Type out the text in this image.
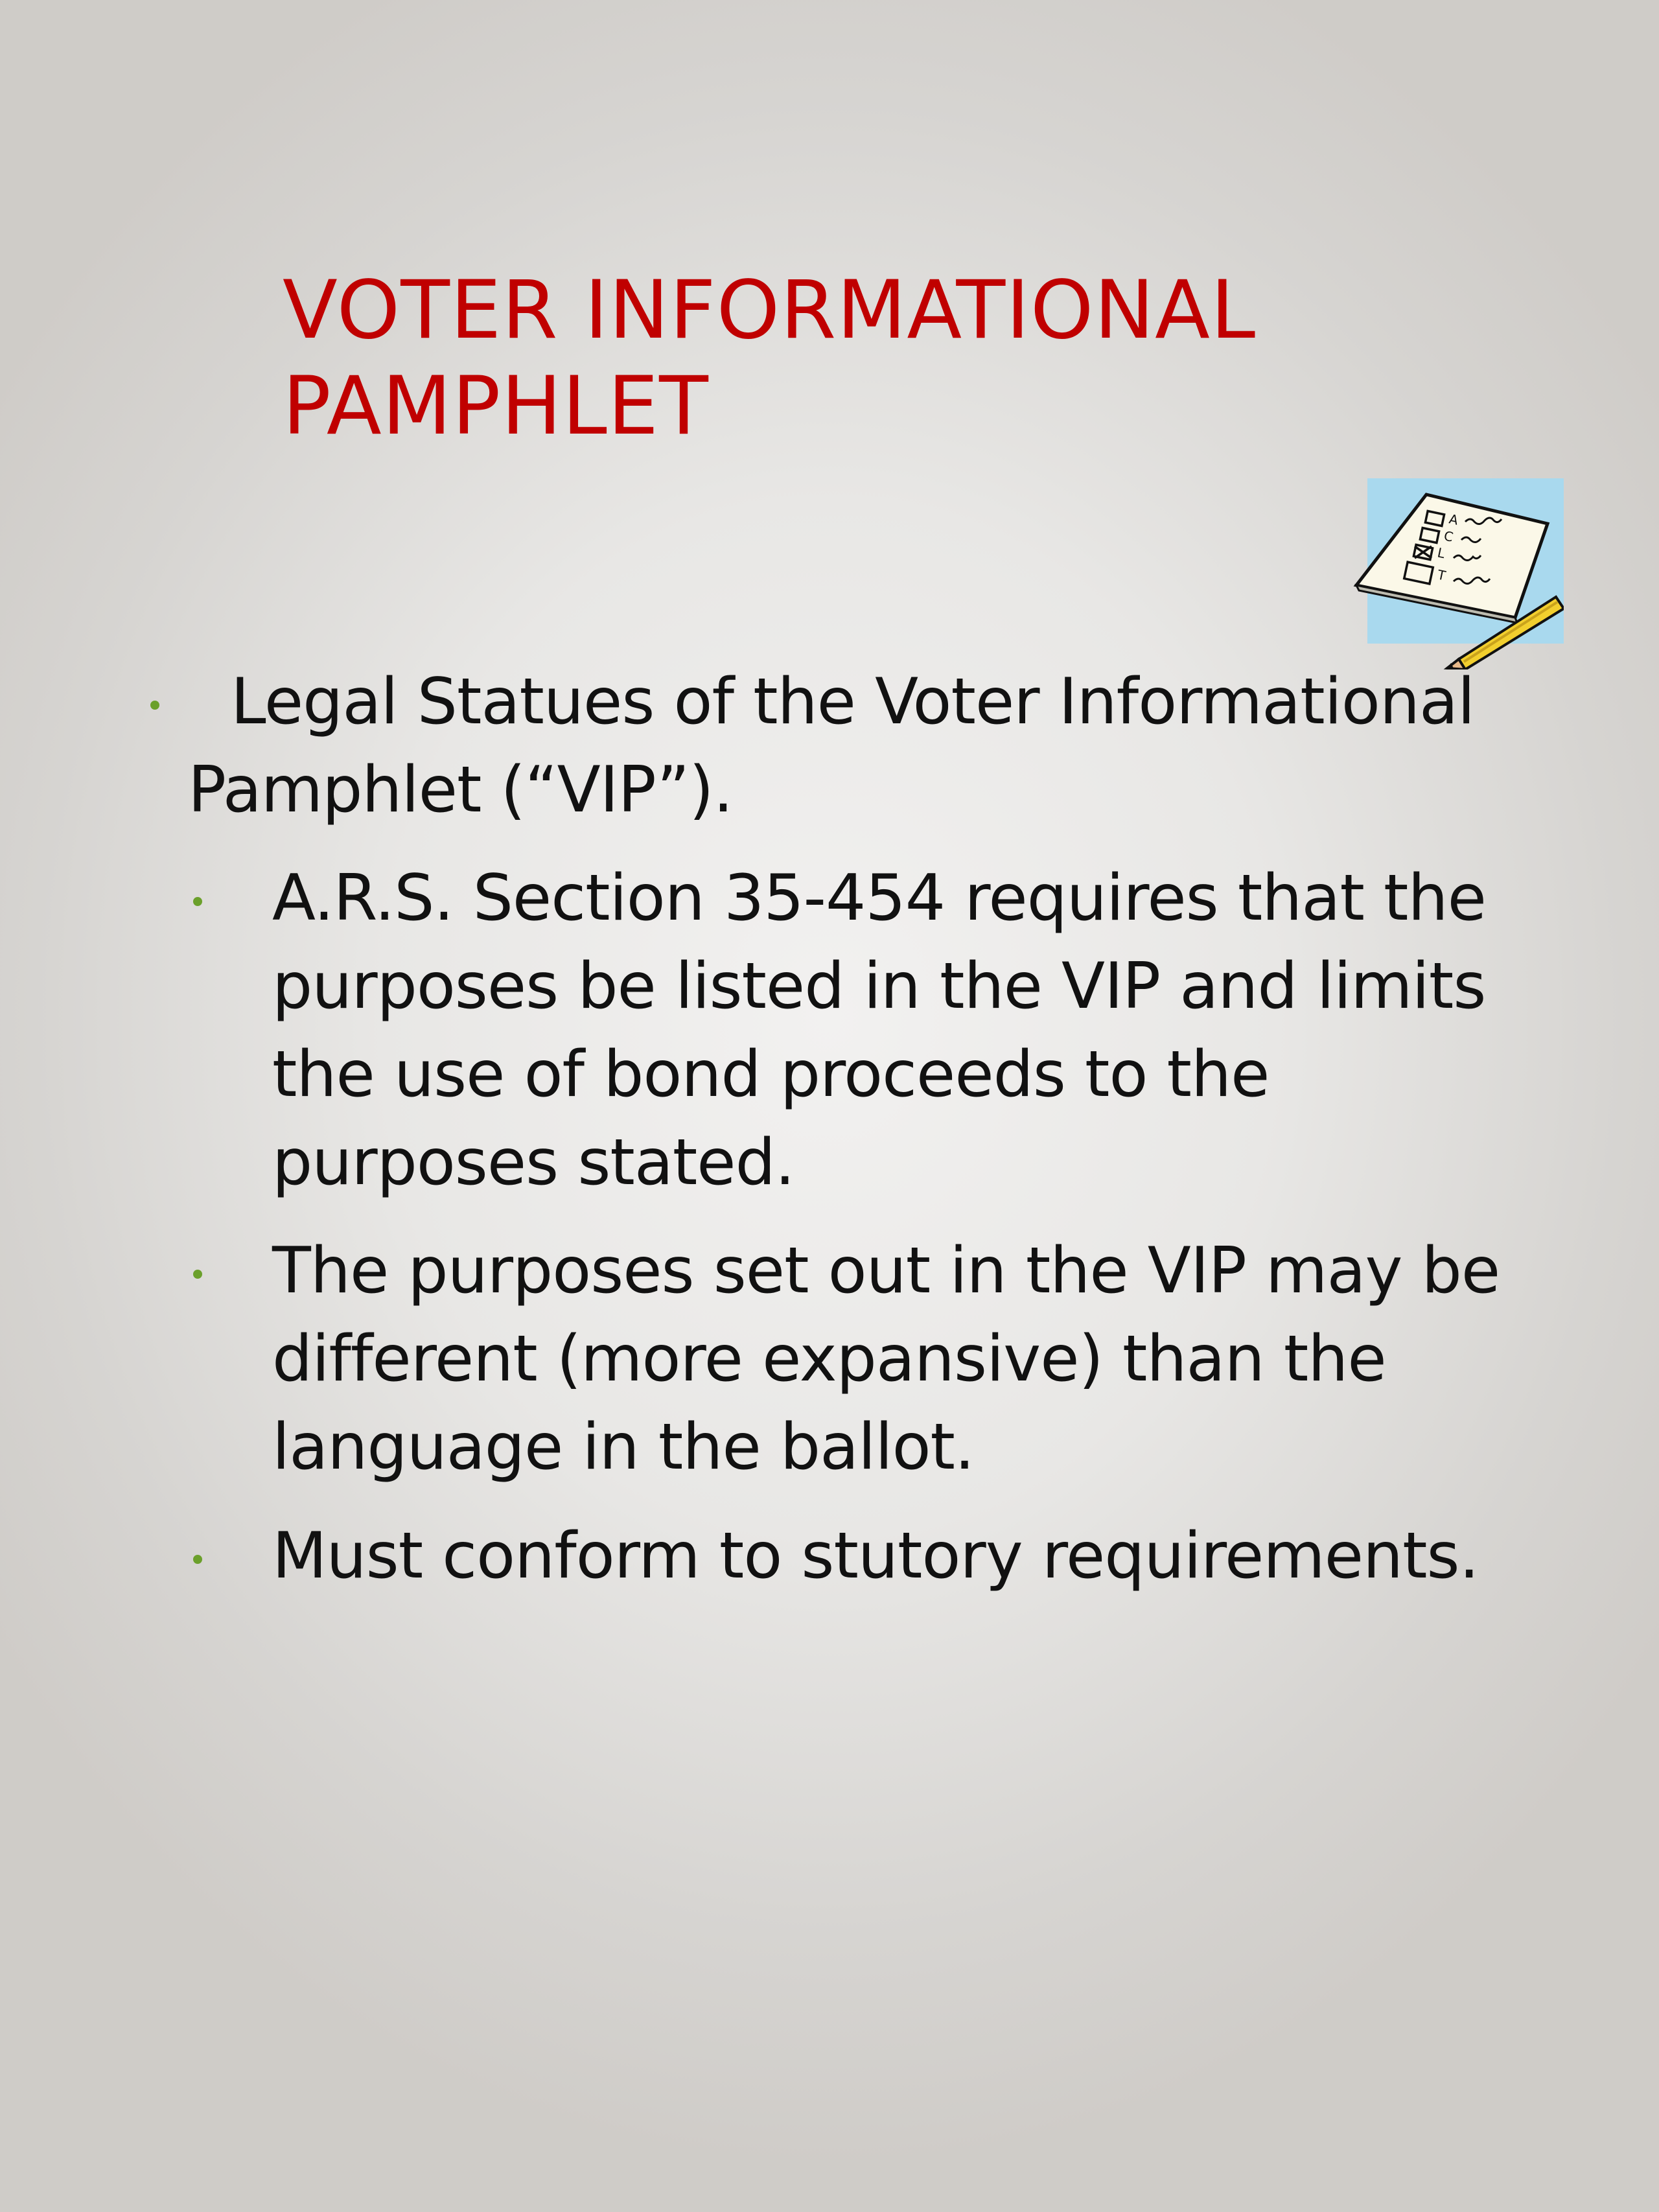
VOTER INFORMATIONAL
PAMPHLET
A
C
L
T
Legal Statues of the Voter Informational
Pamphlet (“VIP”).
A.R.S. Section 35-454 requires that the
purposes be listed in the VIP and limits
the use of bond proceeds to the
purposes stated.
The purposes set out in the VIP may be
different (more expansive) than the
language in the ballot.
Must conform to stutory requirements.
